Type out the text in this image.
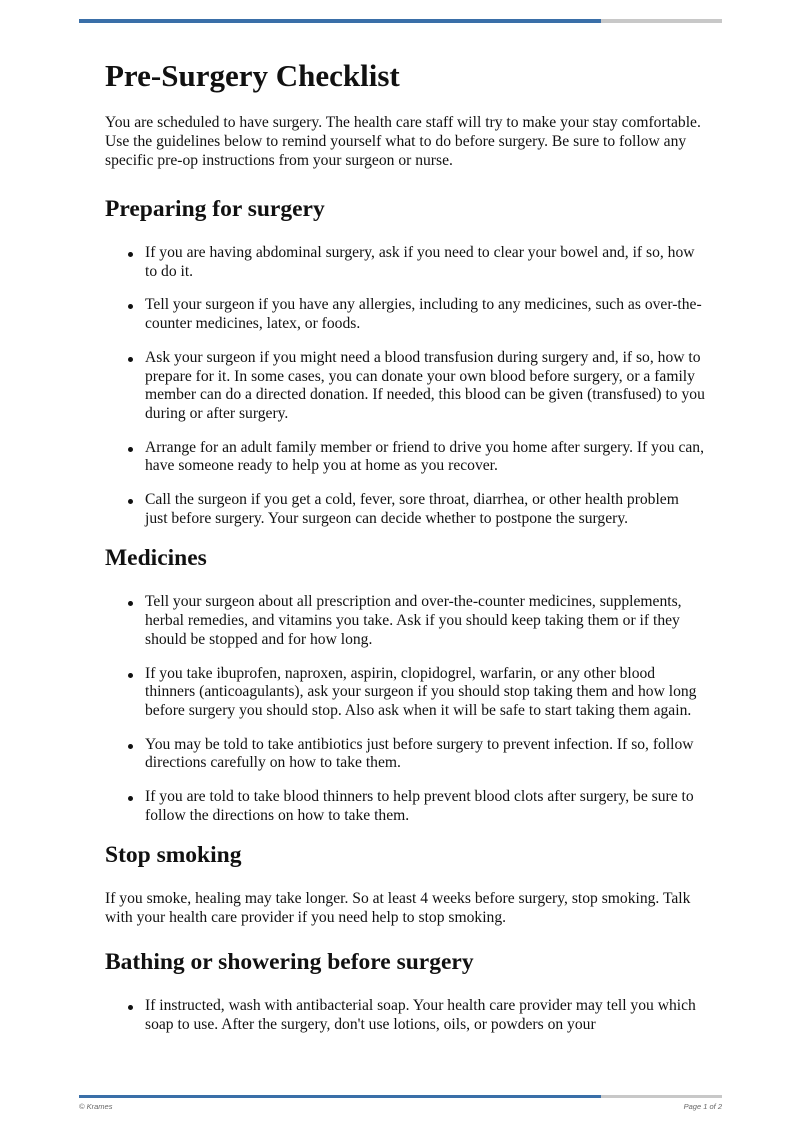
Pre-Surgery Checklist

You are scheduled to have surgery. The health care staff will try to make your stay comfortable. Use the guidelines below to remind yourself what to do before surgery. Be sure to follow any specific pre-op instructions from your surgeon or nurse.

Preparing for surgery
If you are having abdominal surgery, ask if you need to clear your bowel and, if so, how to do it.
Tell your surgeon if you have any allergies, including to any medicines, such as over-the-counter medicines, latex, or foods.
Ask your surgeon if you might need a blood transfusion during surgery and, if so, how to prepare for it. In some cases, you can donate your own blood before surgery, or a family member can do a directed donation. If needed, this blood can be given (transfused) to you during or after surgery.
Arrange for an adult family member or friend to drive you home after surgery. If you can, have someone ready to help you at home as you recover.
Call the surgeon if you get a cold, fever, sore throat, diarrhea, or other health problem just before surgery. Your surgeon can decide whether to postpone the surgery.
Medicines
Tell your surgeon about all prescription and over-the-counter medicines, supplements, herbal remedies, and vitamins you take. Ask if you should keep taking them or if they should be stopped and for how long.
If you take ibuprofen, naproxen, aspirin, clopidogrel, warfarin, or any other blood thinners (anticoagulants), ask your surgeon if you should stop taking them and how long before surgery you should stop. Also ask when it will be safe to start taking them again.
You may be told to take antibiotics just before surgery to prevent infection. If so, follow directions carefully on how to take them.
If you are told to take blood thinners to help prevent blood clots after surgery, be sure to follow the directions on how to take them.
Stop smoking

If you smoke, healing may take longer. So at least 4 weeks before surgery, stop smoking. Talk with your health care provider if you need help to stop smoking.

Bathing or showering before surgery
If instructed, wash with antibacterial soap. Your health care provider may tell you which soap to use. After the surgery, don't use lotions, oils, or powders on your
© Krames	Page 1 of 2
